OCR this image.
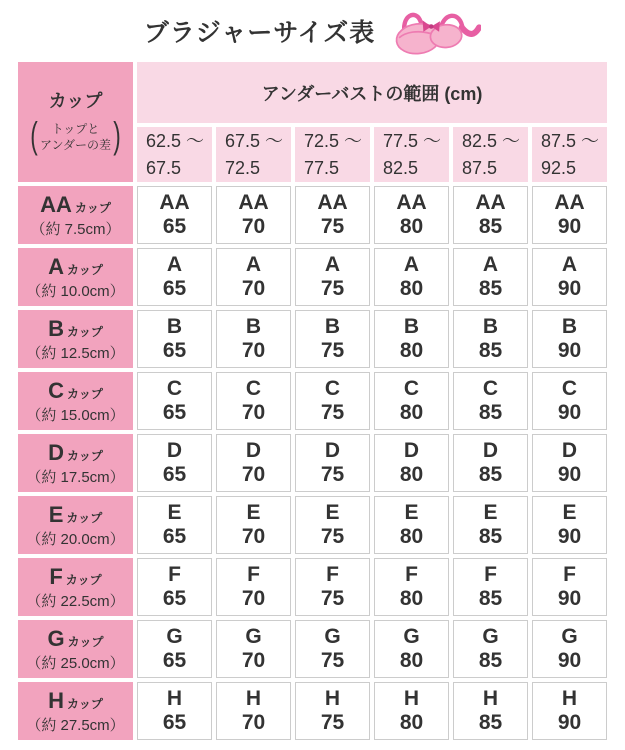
ブラジャーサイズ表
カップ
(	トップと
アンダーの差 )
アンダーバストの範囲 (cm)
62.5 ～
67.5
67.5 ～
72.5
72.5 ～
77.5
77.5 ～
82.5
82.5 ～
87.5
87.5 ～
92.5
AA カップ
（約 7.5cm）
AA
65
AA
70
AA
75
AA
80
AA
85
AA
90
A カップ
（約 10.0cm）
A
65
A
70
A
75
A
80
A
85
A
90
B カップ
（約 12.5cm）
B
65
B
70
B
75
B
80
B
85
B
90
C カップ
（約 15.0cm）
C
65
C
70
C
75
C
80
C
85
C
90
D カップ
（約 17.5cm）
D
65
D
70
D
75
D
80
D
85
D
90
E カップ
（約 20.0cm）
E
65
E
70
E
75
E
80
E
85
E
90
F カップ
（約 22.5cm）
F
65
F
70
F
75
F
80
F
85
F
90
G カップ
（約 25.0cm）
G
65
G
70
G
75
G
80
G
85
G
90
H カップ
（約 27.5cm）
H
65
H
70
H
75
H
80
H
85
H
90
